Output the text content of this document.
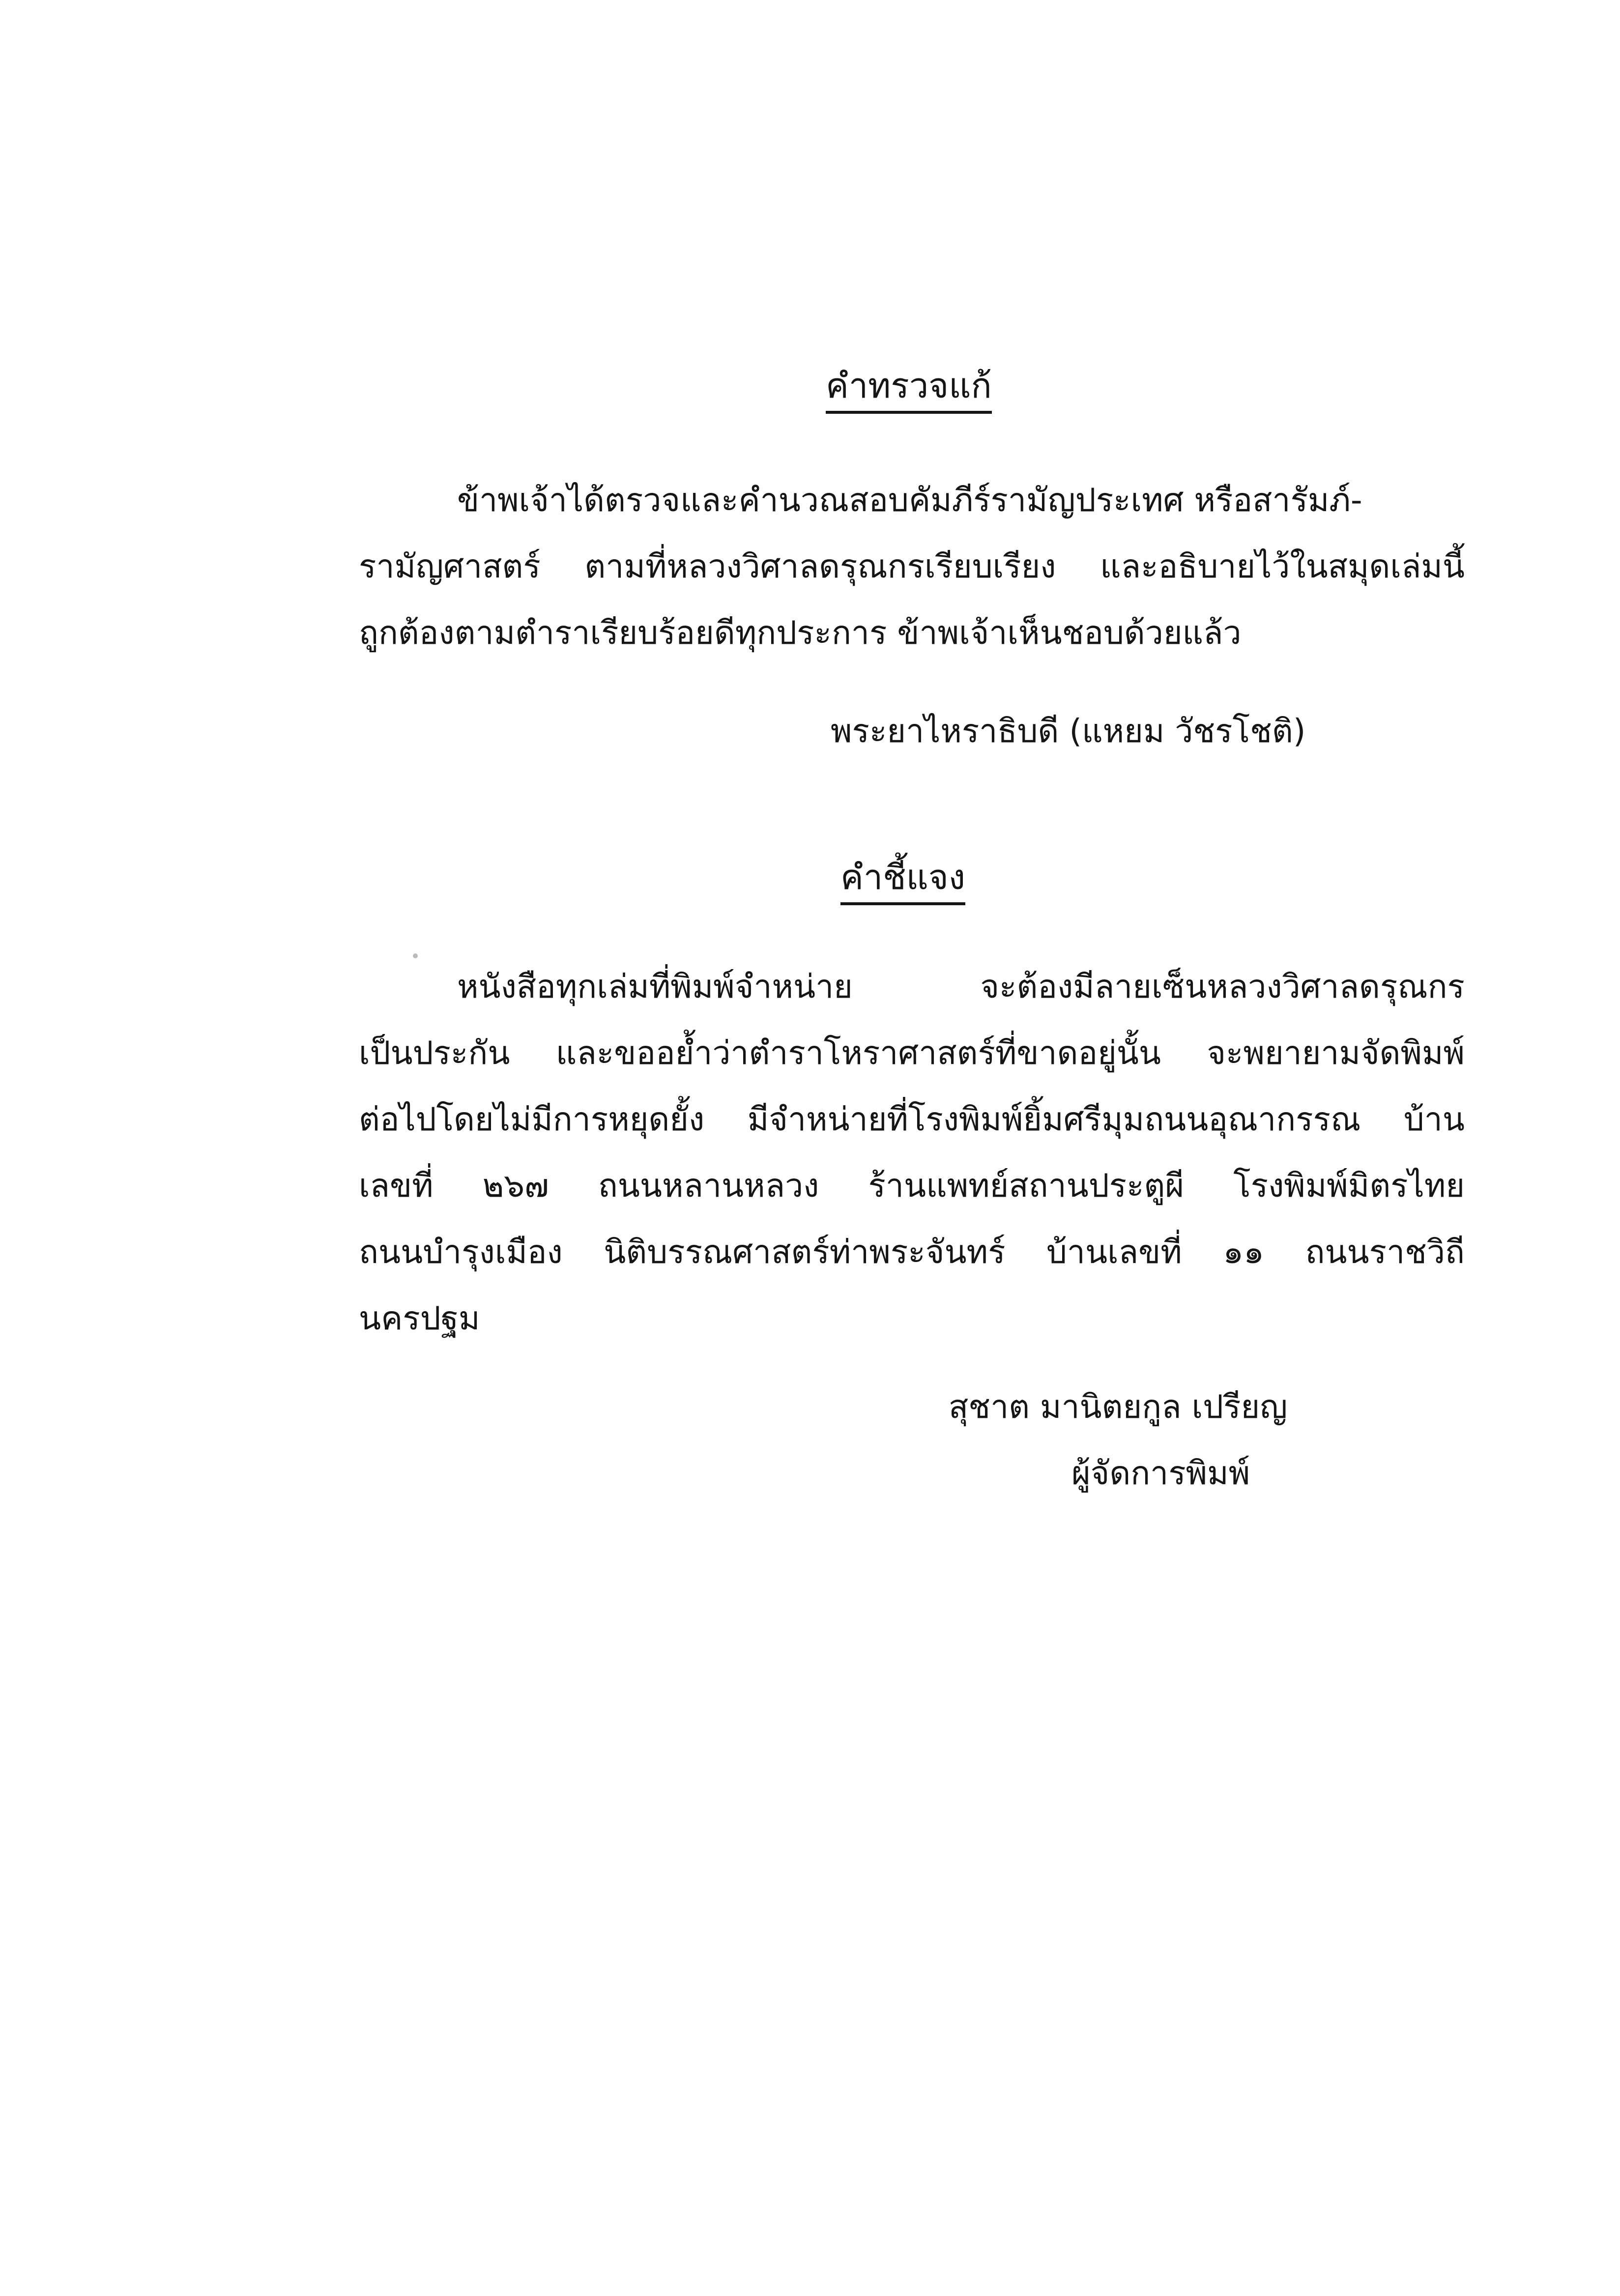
คำทรวจแก้
ข้าพเจ้าได้ตรวจและคำนวณสอบคัมภีร์รามัญประเทศ หรือสารัมภ์-
รามัญศาสตร์ ตามที่หลวงวิศาลดรุณกรเรียบเรียง และอธิบายไว้ในสมุดเล่มนี้
ถูกต้องตามตำราเรียบร้อยดีทุกประการ ข้าพเจ้าเห็นชอบด้วยแล้ว
พระยาไหราธิบดี (แหยม วัชรโชติ)
คำชี้แจง
หนังสือทุกเล่มที่พิมพ์จำหน่าย จะต้องมีลายเซ็นหลวงวิศาลดรุณกร
เป็นประกัน และขออย้ำว่าตำราโหราศาสตร์ที่ขาดอยู่นั้น จะพยายามจัดพิมพ์
ต่อไปโดยไม่มีการหยุดยั้ง มีจำหน่ายที่โรงพิมพ์ยิ้มศรีมุมถนนอุณากรรณ บ้าน
เลขที่ ๒๖๗ ถนนหลานหลวง ร้านแพทย์สถานประตูผี โรงพิมพ์มิตรไทย
ถนนบำรุงเมือง นิติบรรณศาสตร์ท่าพระจันทร์ บ้านเลขที่ ๑๑ ถนนราชวิถี
นครปฐม
สุชาต มานิตยกูล เปรียญ
ผู้จัดการพิมพ์
